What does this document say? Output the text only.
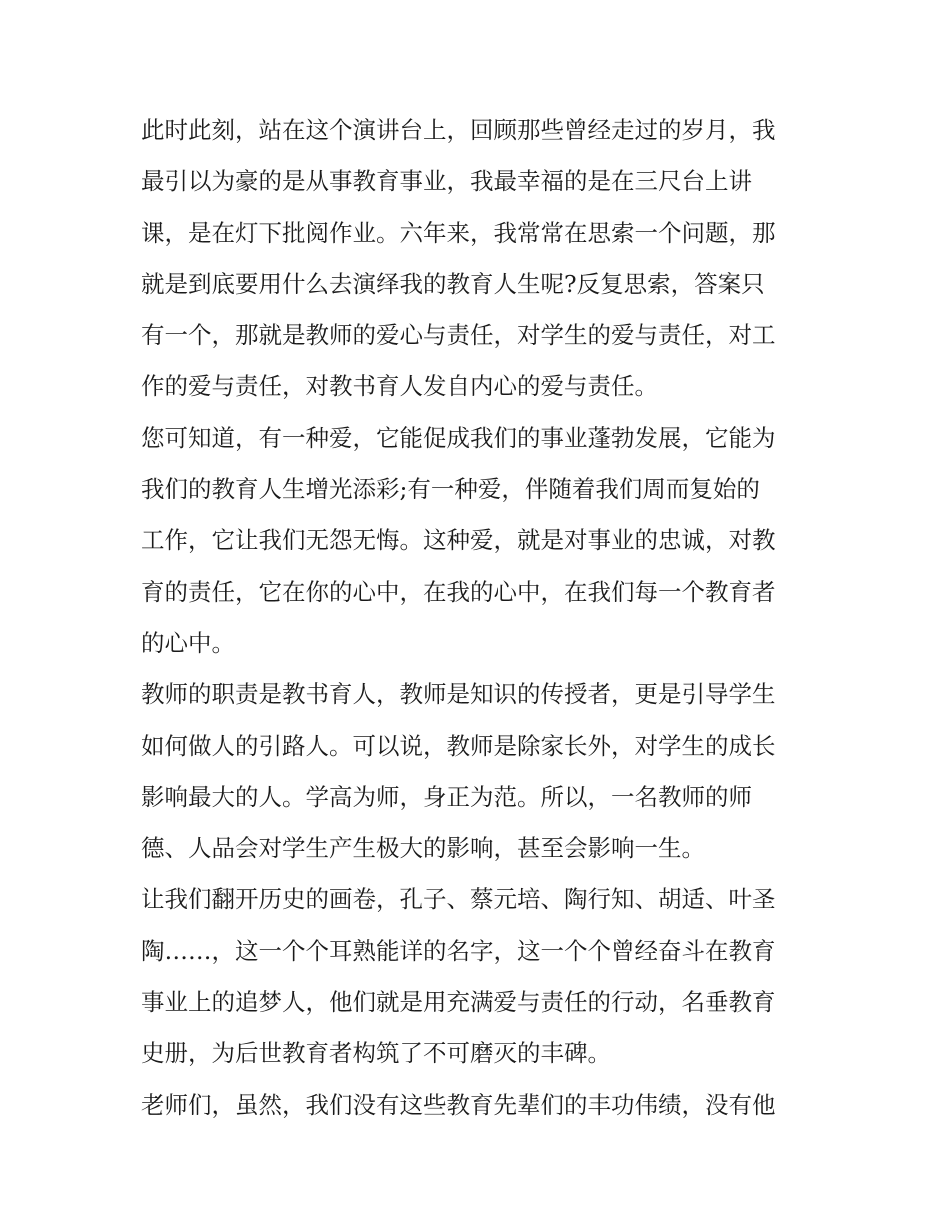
此时此刻，站在这个演讲台上，回顾那些曾经走过的岁月，我
最引以为豪的是从事教育事业，我最幸福的是在三尺台上讲
课，是在灯下批阅作业。六年来，我常常在思索一个问题，那
就是到底要用什么去演绎我的教育人生呢?反复思索，答案只
有一个，那就是教师的爱心与责任，对学生的爱与责任，对工
作的爱与责任，对教书育人发自内心的爱与责任。
您可知道，有一种爱，它能促成我们的事业蓬勃发展，它能为
我们的教育人生增光添彩;有一种爱，伴随着我们周而复始的
工作，它让我们无怨无悔。这种爱，就是对事业的忠诚，对教
育的责任，它在你的心中，在我的心中，在我们每一个教育者
的心中。
教师的职责是教书育人，教师是知识的传授者，更是引导学生
如何做人的引路人。可以说，教师是除家长外，对学生的成长
影响最大的人。学高为师，身正为范。所以，一名教师的师
德、人品会对学生产生极大的影响，甚至会影响一生。
让我们翻开历史的画卷，孔子、蔡元培、陶行知、胡适、叶圣
陶……，这一个个耳熟能详的名字，这一个个曾经奋斗在教育
事业上的追梦人，他们就是用充满爱与责任的行动，名垂教育
史册，为后世教育者构筑了不可磨灭的丰碑。
老师们，虽然，我们没有这些教育先辈们的丰功伟绩，没有他
